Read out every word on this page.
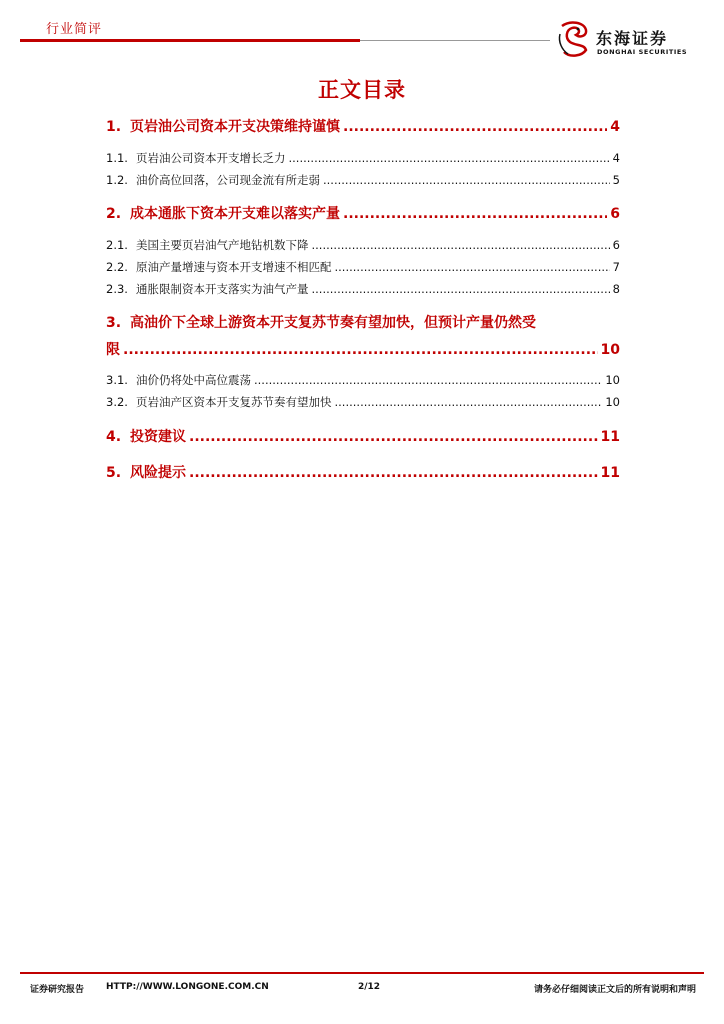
行业简评	东海证券
DONGHAI SECURITIES
正文目录
1. 页岩油公司资本开支决策维持谨慎 .....	4
1.1. 页岩油公司资本开支增长乏力 .....	4
1.2. 油价高位回落，公司现金流有所走弱 .....	5
2. 成本通胀下资本开支难以落实产量 .....	6
2.1. 美国主要页岩油气产地钻机数下降 .....	6
2.2. 原油产量增速与资本开支增速不相匹配 .....	7
2.3. 通胀限制资本开支落实为油气产量 .....	8
3. 高油价下全球上游资本开支复苏节奏有望加快，但预计产量仍然受
限 .....	10
3.1. 油价仍将处中高位震荡 .....	10
3.2. 页岩油产区资本开支复苏节奏有望加快 .....	10
4. 投资建议 .....	11
5. 风险提示 .....	11
证券研究报告 HTTP://WWW.LONGONE.COM.CN	2/12	请务必仔细阅读正文后的所有说明和声明
